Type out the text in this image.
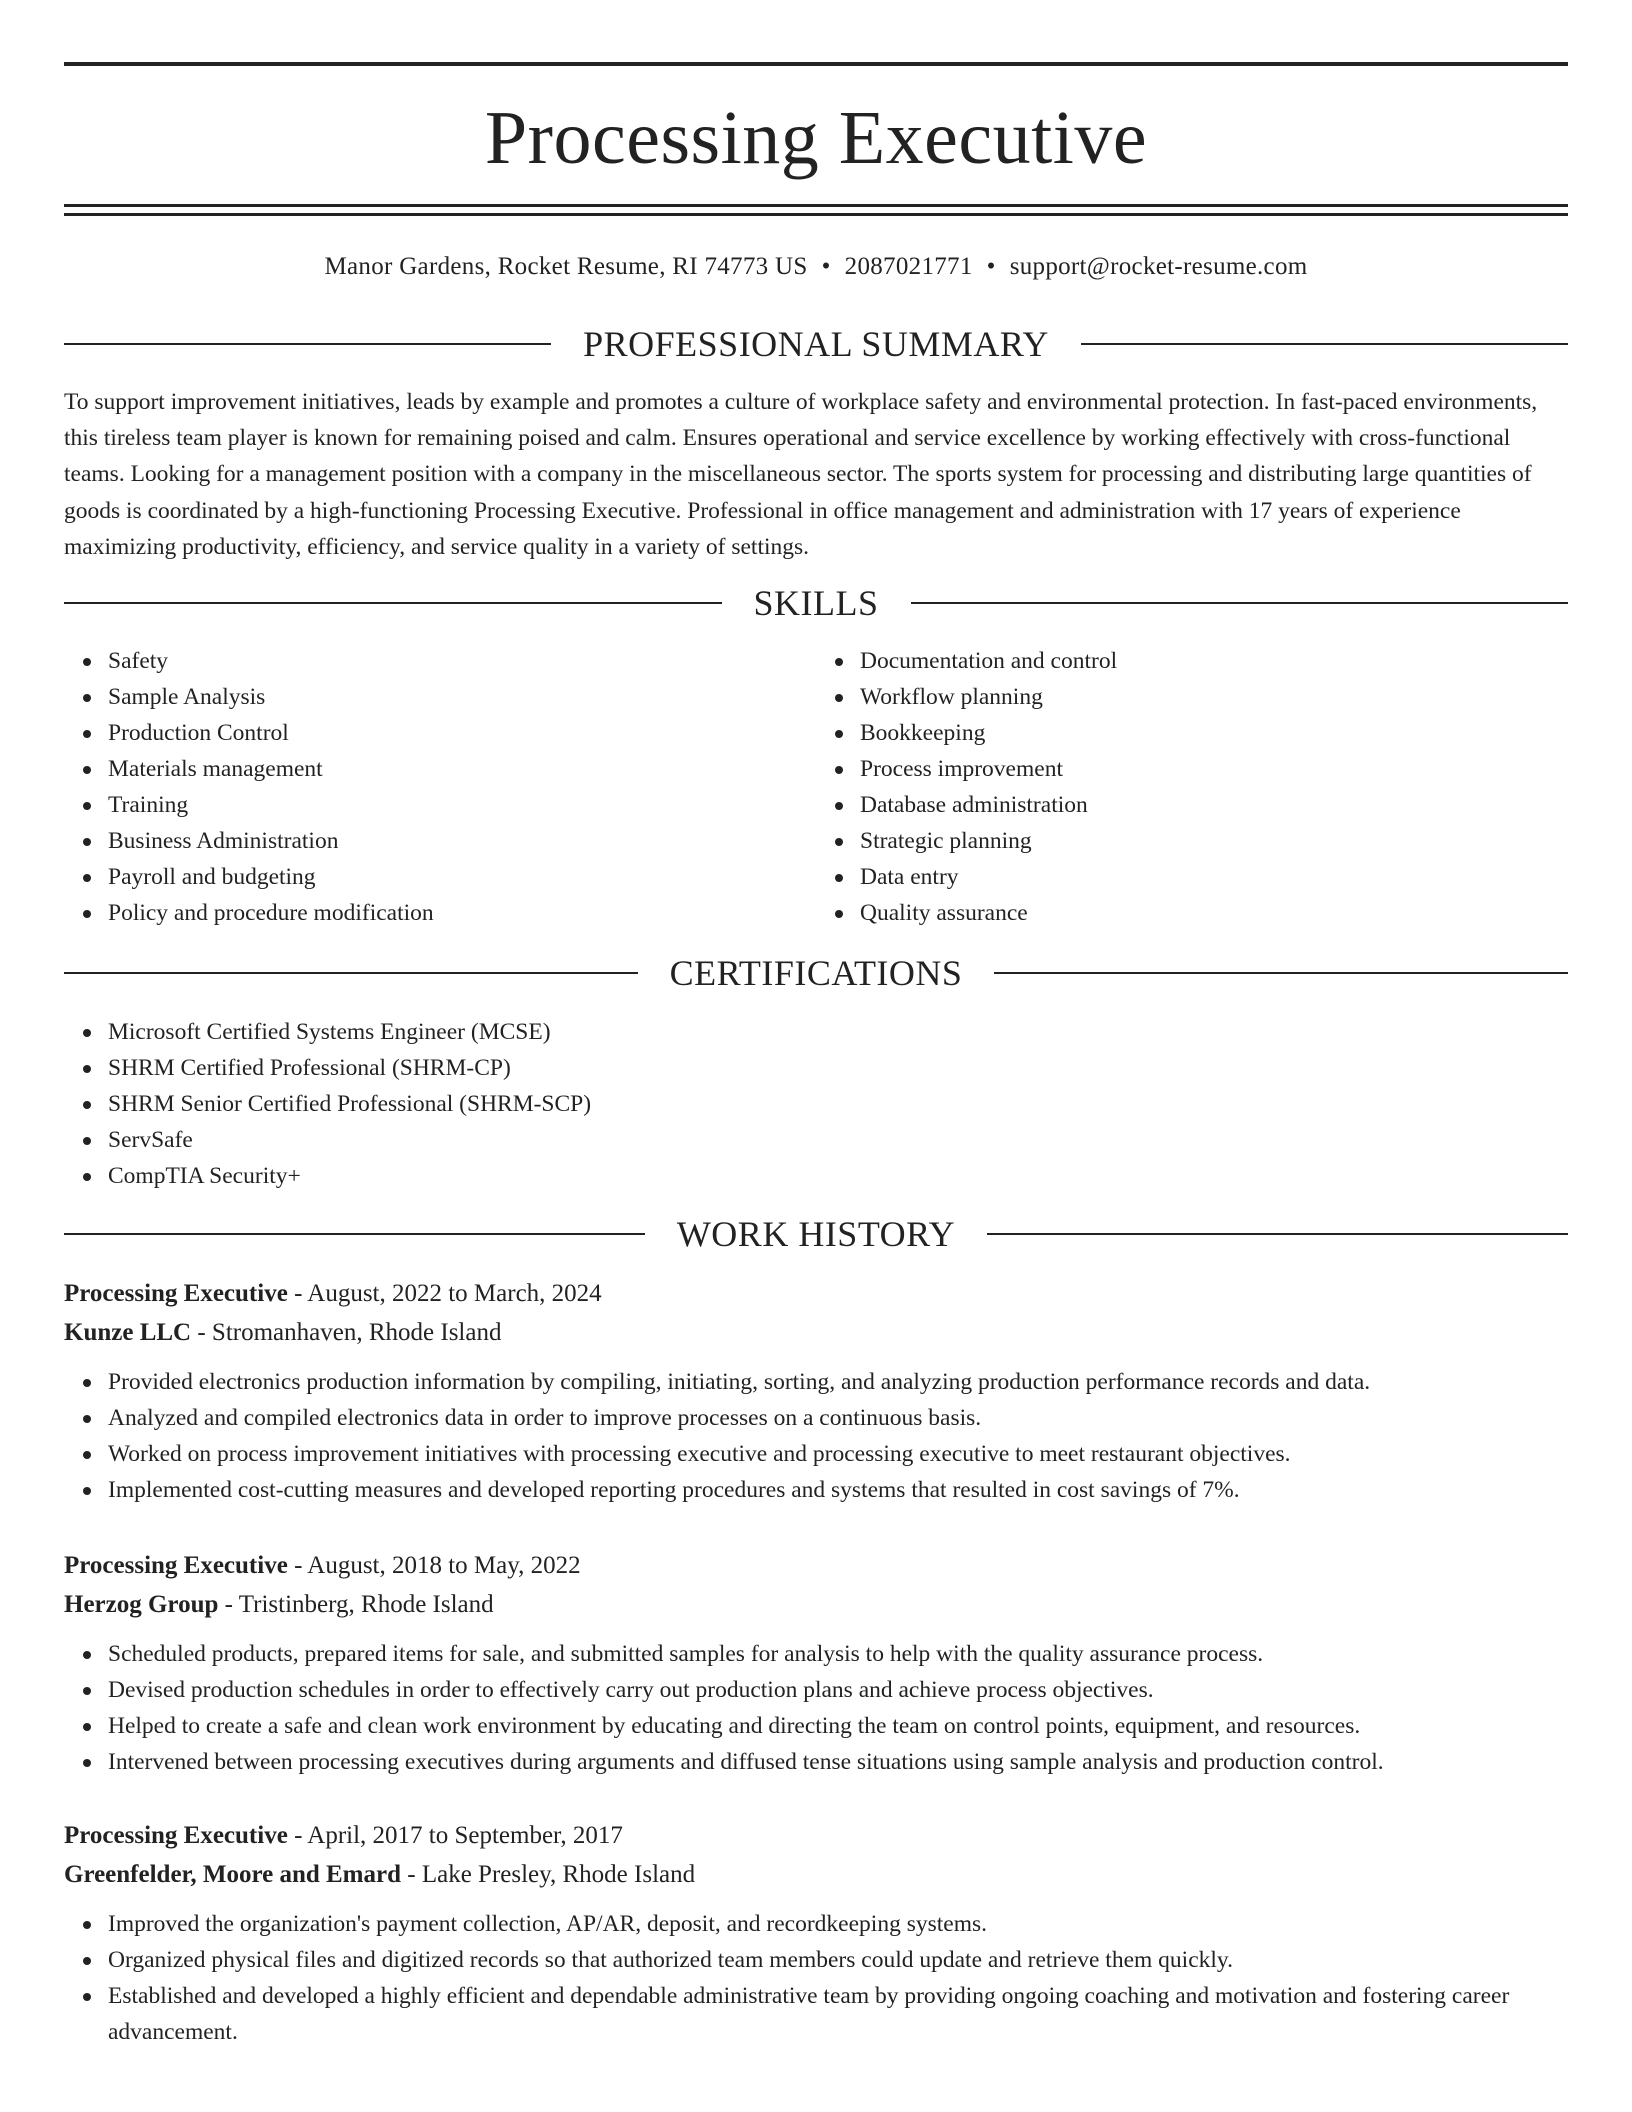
Processing Executive
Manor Gardens, Rocket Resume, RI 74773 US • 2087021771 • support@rocket-resume.com
PROFESSIONAL SUMMARY

To support improvement initiatives, leads by example and promotes a culture of workplace safety and environmental protection. In fast-paced environments, this tireless team player is known for remaining poised and calm. Ensures operational and service excellence by working effectively with cross-functional teams. Looking for a management position with a company in the miscellaneous sector. The sports system for processing and distributing large quantities of goods is coordinated by a high-functioning Processing Executive. Professional in office management and administration with 17 years of experience maximizing productivity, efficiency, and service quality in a variety of settings.

SKILLS
Safety
Sample Analysis
Production Control
Materials management
Training
Business Administration
Payroll and budgeting
Policy and procedure modification
Documentation and control
Workflow planning
Bookkeeping
Process improvement
Database administration
Strategic planning
Data entry
Quality assurance
CERTIFICATIONS
Microsoft Certified Systems Engineer (MCSE)
SHRM Certified Professional (SHRM-CP)
SHRM Senior Certified Professional (SHRM-SCP)
ServSafe
CompTIA Security+
WORK HISTORY
Processing Executive - August, 2022 to March, 2024
Kunze LLC - Stromanhaven, Rhode Island
Provided electronics production information by compiling, initiating, sorting, and analyzing production performance records and data.
Analyzed and compiled electronics data in order to improve processes on a continuous basis.
Worked on process improvement initiatives with processing executive and processing executive to meet restaurant objectives.
Implemented cost-cutting measures and developed reporting procedures and systems that resulted in cost savings of 7%.
Processing Executive - August, 2018 to May, 2022
Herzog Group - Tristinberg, Rhode Island
Scheduled products, prepared items for sale, and submitted samples for analysis to help with the quality assurance process.
Devised production schedules in order to effectively carry out production plans and achieve process objectives.
Helped to create a safe and clean work environment by educating and directing the team on control points, equipment, and resources.
Intervened between processing executives during arguments and diffused tense situations using sample analysis and production control.
Processing Executive - April, 2017 to September, 2017
Greenfelder, Moore and Emard - Lake Presley, Rhode Island
Improved the organization's payment collection, AP/AR, deposit, and recordkeeping systems.
Organized physical files and digitized records so that authorized team members could update and retrieve them quickly.
Established and developed a highly efficient and dependable administrative team by providing ongoing coaching and motivation and fostering career advancement.
